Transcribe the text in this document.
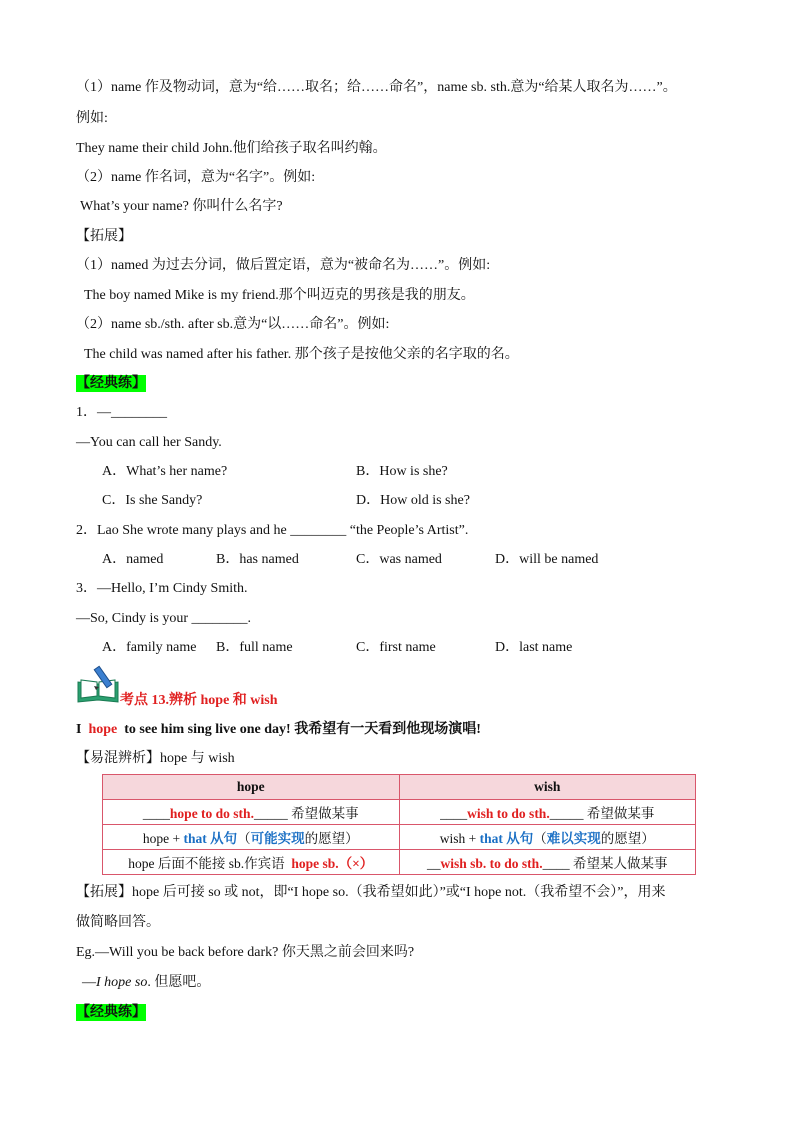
（1）name 作及物动词，意为“给……取名；给……命名”，name sb. sth.意为“给某人取名为……”。
例如:
They name their child John.他们给孩子取名叫约翰。
（2）name 作名词，意为“名字”。例如:
What’s your name? 你叫什么名字?
【拓展】
（1）named 为过去分词，做后置定语，意为“被命名为……”。例如:
The boy named Mike is my friend.那个叫迈克的男孩是我的朋友。
（2）name sb./sth. after sb.意为“以……命名”。例如:
The child was named after his father. 那个孩子是按他父亲的名字取的名。
【经典练】
1．—________
—You can call her Sandy.
A．What’s her name?	B．How is she?
C．Is she Sandy?	D．How old is she?
2．Lao She wrote many plays and he ________ “the People’s Artist”.
A．named	B．has named	C．was named	D．will be named
3．—Hello, I’m Cindy Smith.
—So, Cindy is your ________.
A．family name B．full name	C．first name	D．last name
考点 13.辨析 hope 和 wish
I hope to see him sing live one day! 我希望有一天看到他现场演唱!
【易混辨析】hope 与 wish
hope	wish
____hope to do sth._____ 希望做某事	____wish to do sth._____ 希望做某事
hope + that 从句（可能实现的愿望）	wish + that 从句（难以实现的愿望）
hope 后面不能接 sb.作宾语 hope sb.（×）	__wish sb. to do sth.____ 希望某人做某事
【拓展】hope 后可接 so 或 not，即“I hope so.（我希望如此）”或“I hope not.（我希望不会）”，用来
做简略回答。
Eg.—Will you be back before dark? 你天黑之前会回来吗?
—I hope so. 但愿吧。
【经典练】
